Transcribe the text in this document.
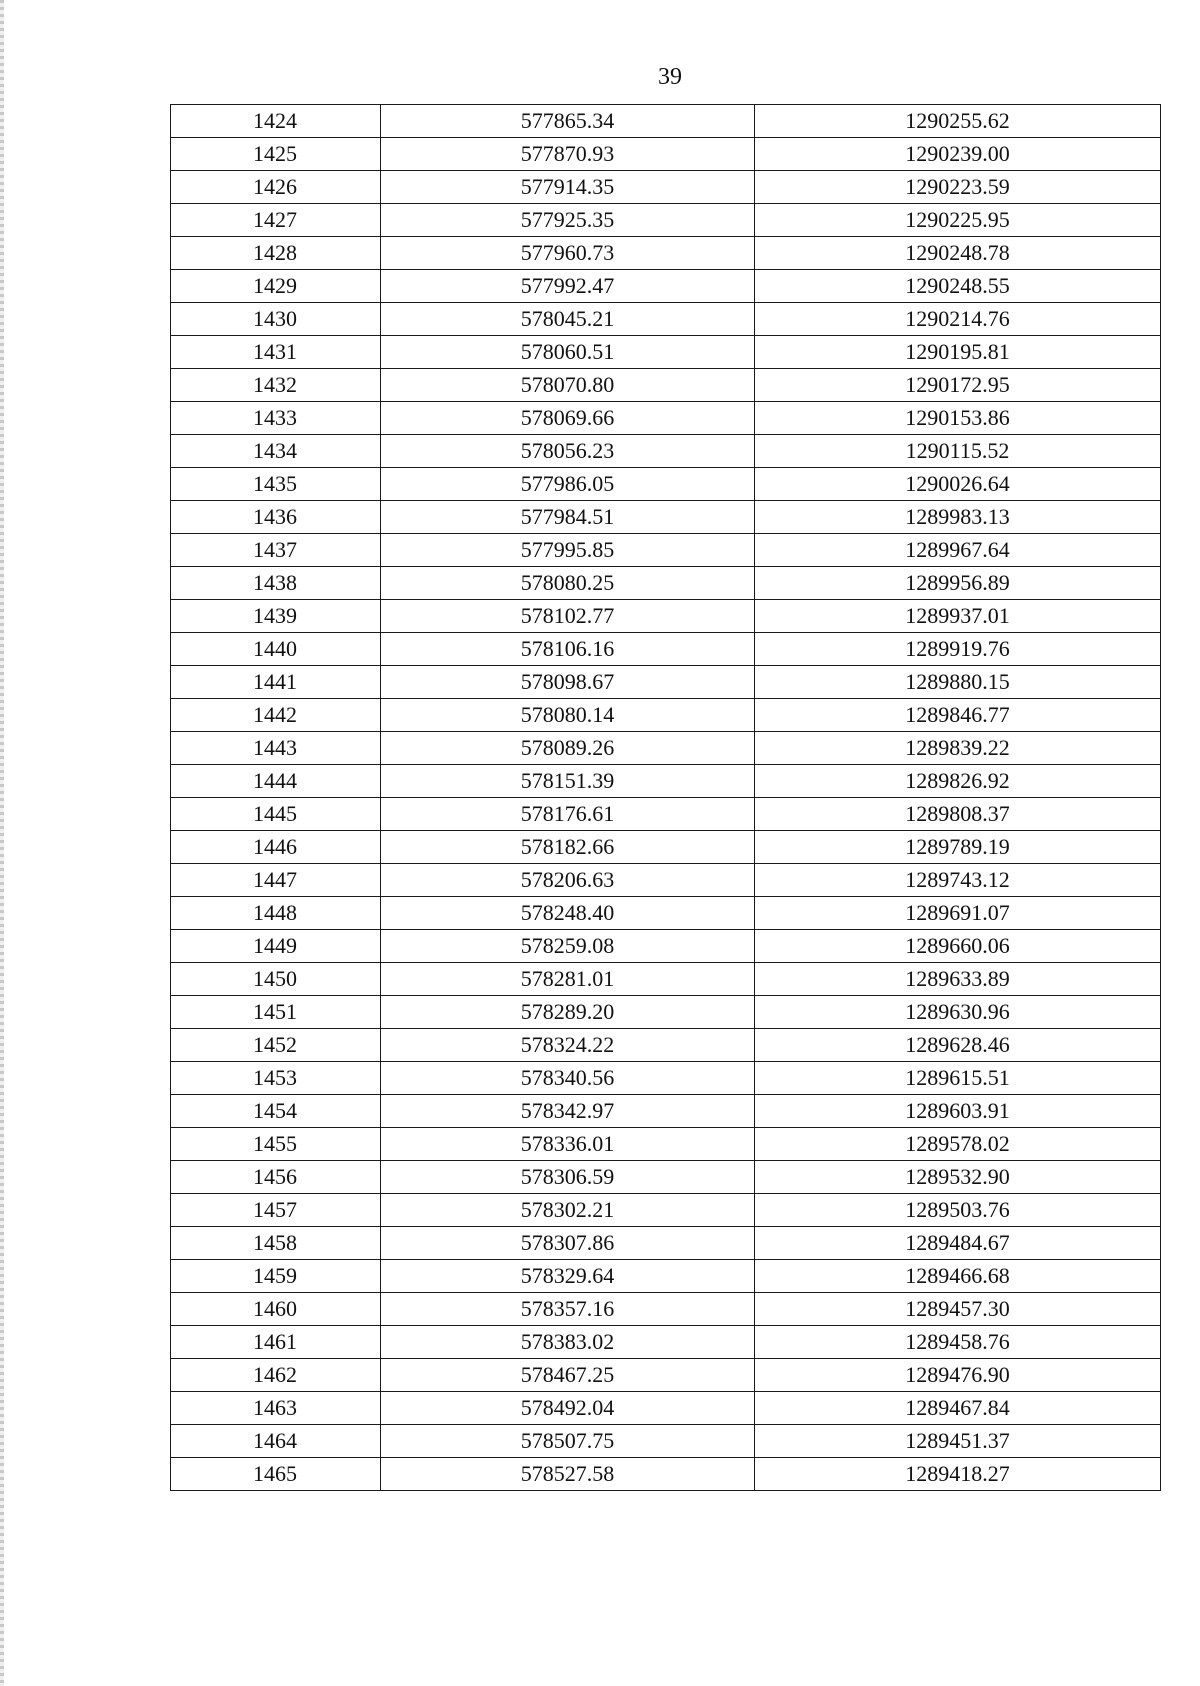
39
1424	577865.34	1290255.62
1425	577870.93	1290239.00
1426	577914.35	1290223.59
1427	577925.35	1290225.95
1428	577960.73	1290248.78
1429	577992.47	1290248.55
1430	578045.21	1290214.76
1431	578060.51	1290195.81
1432	578070.80	1290172.95
1433	578069.66	1290153.86
1434	578056.23	1290115.52
1435	577986.05	1290026.64
1436	577984.51	1289983.13
1437	577995.85	1289967.64
1438	578080.25	1289956.89
1439	578102.77	1289937.01
1440	578106.16	1289919.76
1441	578098.67	1289880.15
1442	578080.14	1289846.77
1443	578089.26	1289839.22
1444	578151.39	1289826.92
1445	578176.61	1289808.37
1446	578182.66	1289789.19
1447	578206.63	1289743.12
1448	578248.40	1289691.07
1449	578259.08	1289660.06
1450	578281.01	1289633.89
1451	578289.20	1289630.96
1452	578324.22	1289628.46
1453	578340.56	1289615.51
1454	578342.97	1289603.91
1455	578336.01	1289578.02
1456	578306.59	1289532.90
1457	578302.21	1289503.76
1458	578307.86	1289484.67
1459	578329.64	1289466.68
1460	578357.16	1289457.30
1461	578383.02	1289458.76
1462	578467.25	1289476.90
1463	578492.04	1289467.84
1464	578507.75	1289451.37
1465	578527.58	1289418.27
